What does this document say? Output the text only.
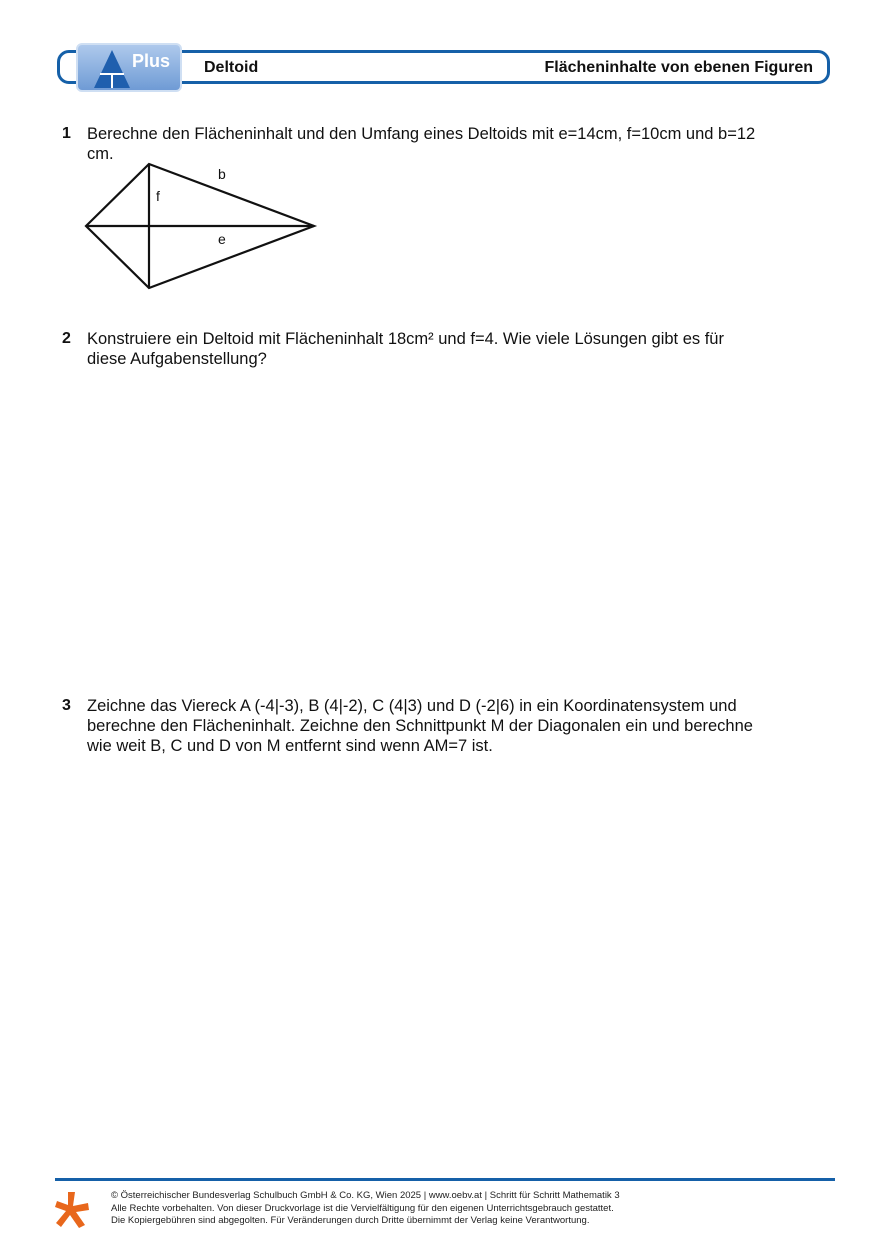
Plus Deltoid	Flächeninhalte von ebenen Figuren
1 Berechne den Flächeninhalt und den Umfang eines Deltoids mit e=14cm, f=10cm und b=12
cm.
b
f
e
2 Konstruiere ein Deltoid mit Flächeninhalt 18cm² und f=4. Wie viele Lösungen gibt es für
diese Aufgabenstellung?
3 Zeichne das Viereck A (-4|-3), B (4|-2), C (4|3) und D (-2|6) in ein Koordinatensystem und
berechne den Flächeninhalt. Zeichne den Schnittpunkt M der Diagonalen ein und berechne
wie weit B, C und D von M entfernt sind wenn AM=7 ist.
© Österreichischer Bundesverlag Schulbuch GmbH & Co. KG, Wien 2025 | www.oebv.at | Schritt für Schritt Mathematik 3
Alle Rechte vorbehalten. Von dieser Druckvorlage ist die Vervielfältigung für den eigenen Unterrichtsgebrauch gestattet.
Die Kopiergebühren sind abgegolten. Für Veränderungen durch Dritte übernimmt der Verlag keine Verantwortung.
